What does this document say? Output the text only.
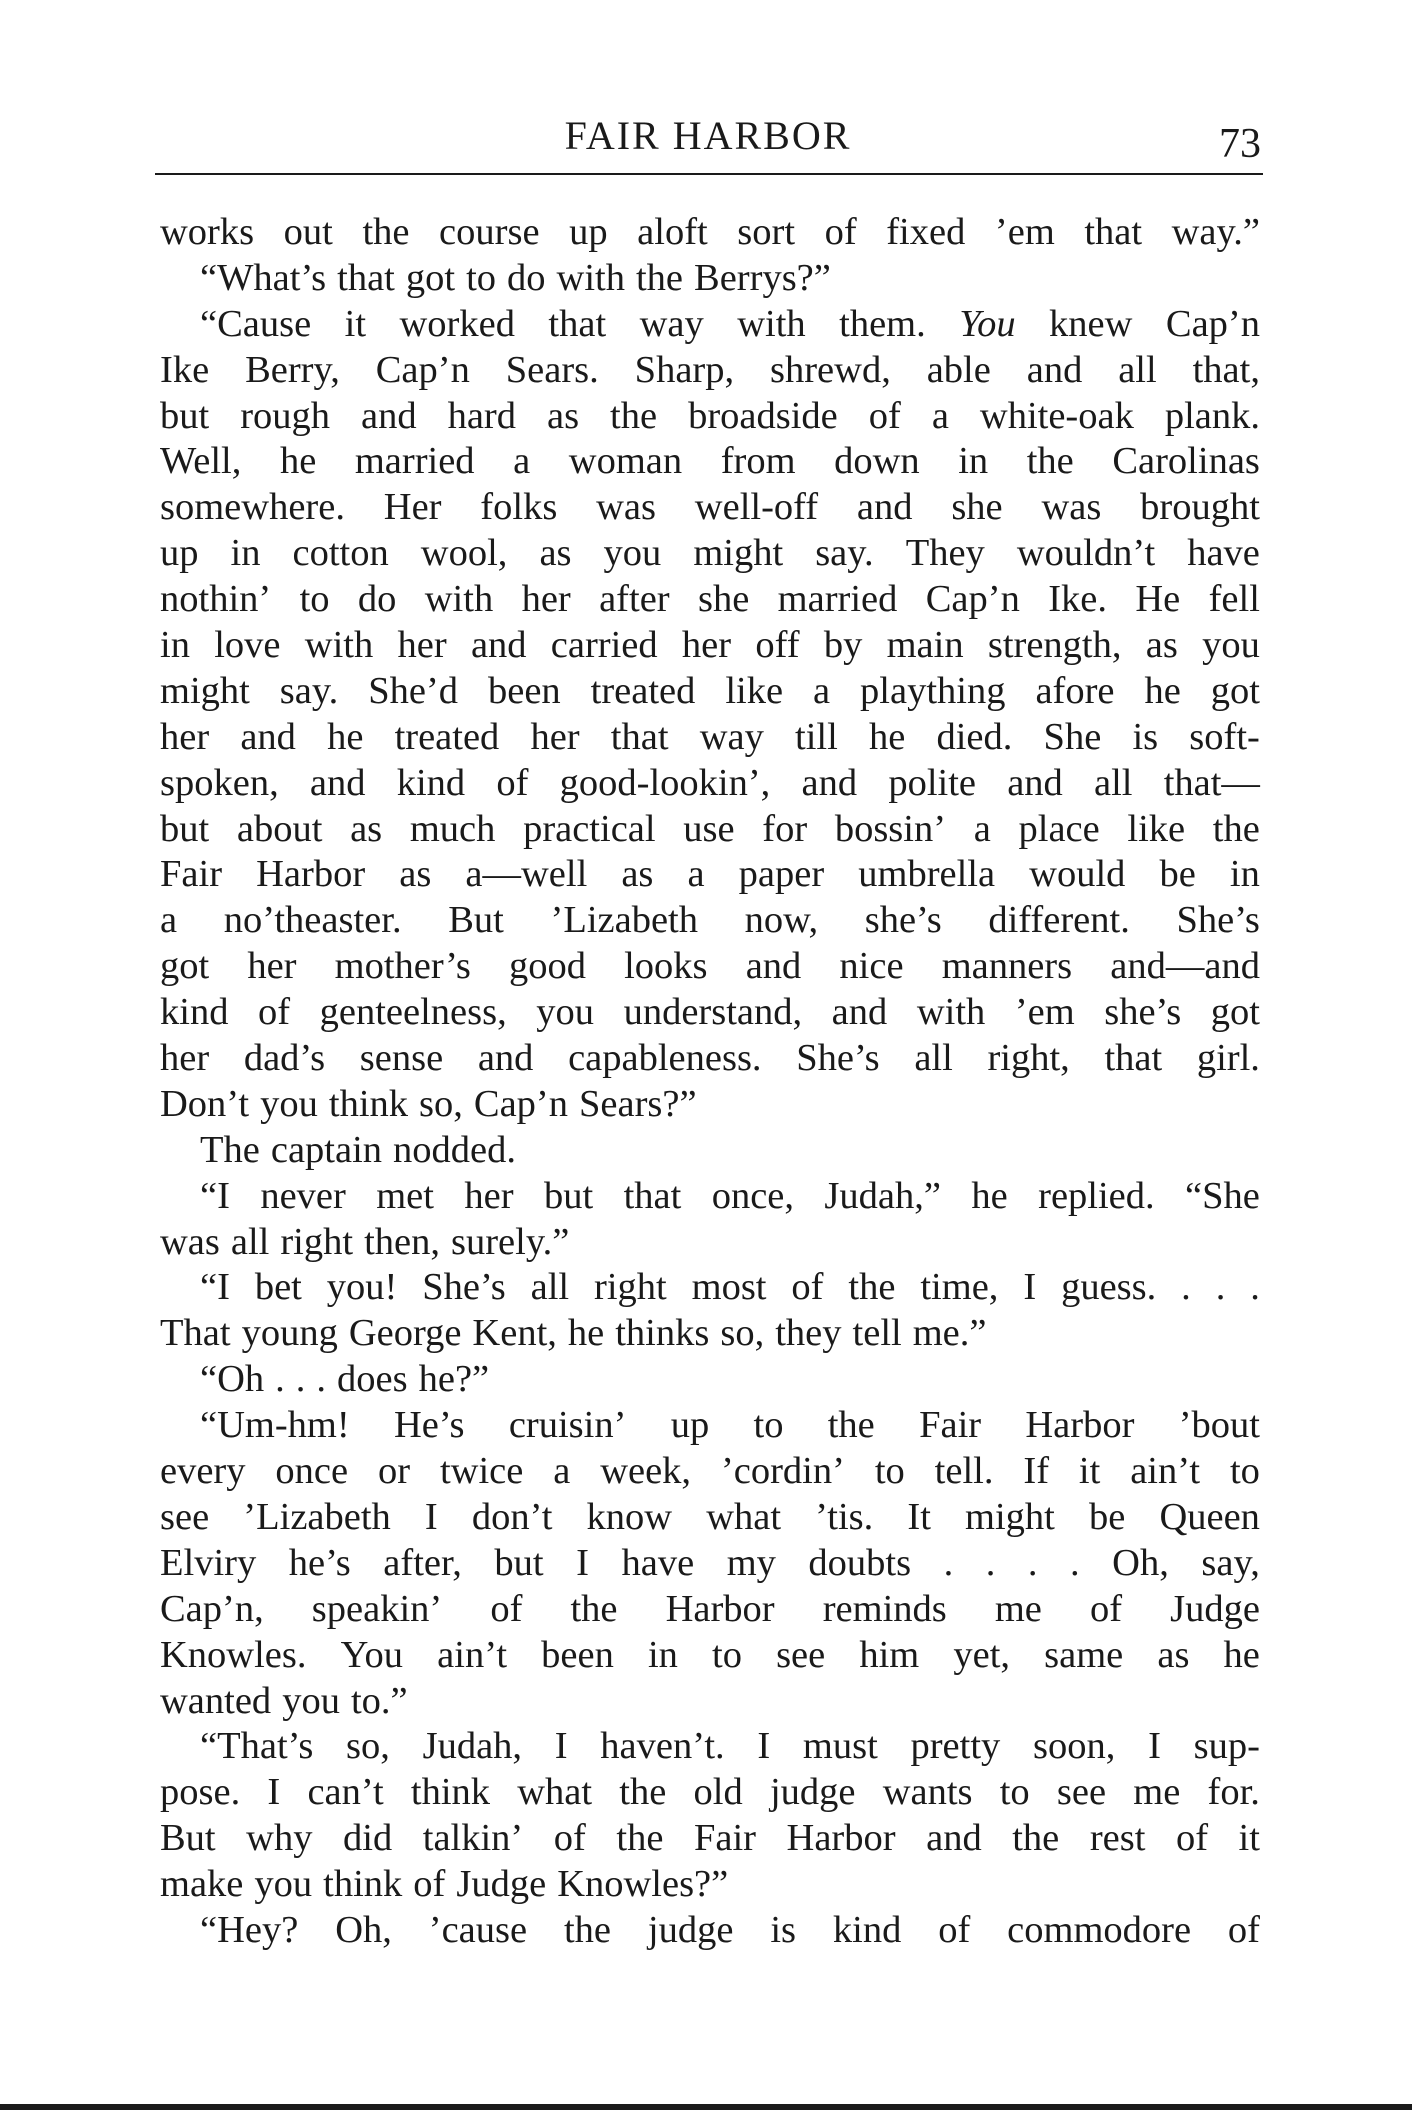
FAIR HARBOR	73
works out the course up aloft sort of fixed ’em that way.”
“What’s that got to do with the Berrys?”
“Cause it worked that way with them. You knew Cap’n
Ike Berry, Cap’n Sears. Sharp, shrewd, able and all that,
but rough and hard as the broadside of a white-oak plank.
Well, he married a woman from down in the Carolinas
somewhere. Her folks was well-off and she was brought
up in cotton wool, as you might say. They wouldn’t have
nothin’ to do with her after she married Cap’n Ike. He fell
in love with her and carried her off by main strength, as you
might say. She’d been treated like a plaything afore he got
her and he treated her that way till he died. She is soft-
spoken, and kind of good-lookin’, and polite and all that—
but about as much practical use for bossin’ a place like the
Fair Harbor as a—well as a paper umbrella would be in
a no’theaster. But ’Lizabeth now, she’s different. She’s
got her mother’s good looks and nice manners and—and
kind of genteelness, you understand, and with ’em she’s got
her dad’s sense and capableness. She’s all right, that girl.
Don’t you think so, Cap’n Sears?”
The captain nodded.
“I never met her but that once, Judah,” he replied. “She
was all right then, surely.”
“I bet you! She’s all right most of the time, I guess. . . .
That young George Kent, he thinks so, they tell me.”
“Oh . . . does he?”
“Um-hm! He’s cruisin’ up to the Fair Harbor ’bout
every once or twice a week, ’cordin’ to tell. If it ain’t to
see ’Lizabeth I don’t know what ’tis. It might be Queen
Elviry he’s after, but I have my doubts . . . . Oh, say,
Cap’n, speakin’ of the Harbor reminds me of Judge
Knowles. You ain’t been in to see him yet, same as he
wanted you to.”
“That’s so, Judah, I haven’t. I must pretty soon, I sup-
pose. I can’t think what the old judge wants to see me for.
But why did talkin’ of the Fair Harbor and the rest of it
make you think of Judge Knowles?”
“Hey? Oh, ’cause the judge is kind of commodore of
